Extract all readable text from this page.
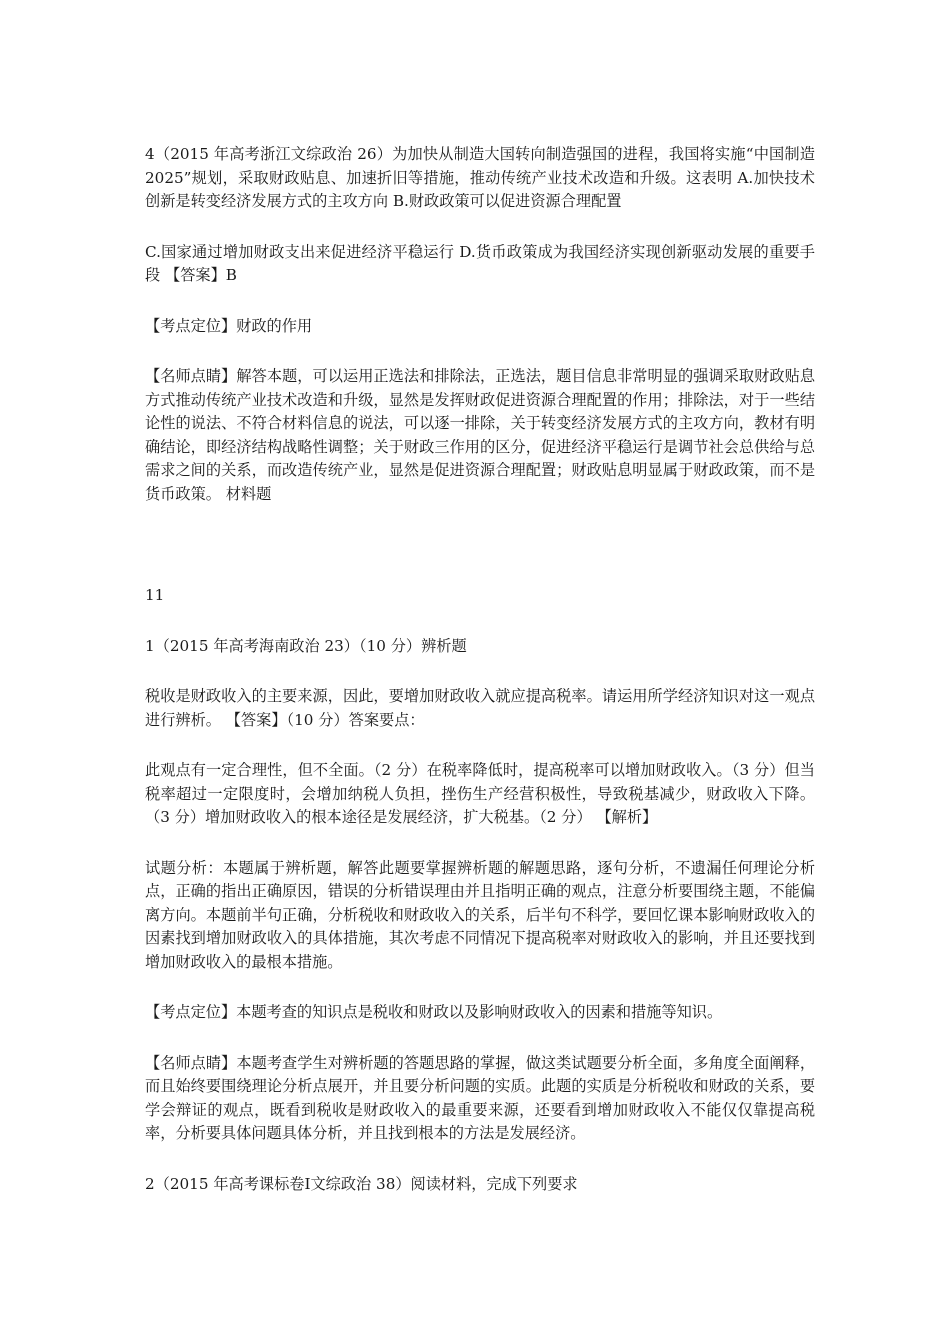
4（2015 年高考浙江文综政治 26）为加快从制造大国转向制造强国的进程，我国将实施“中国制造 2025”规划，采取财政贴息、加速折旧等措施，推动传统产业技术改造和升级。这表明 A.加快技术创新是转变经济发展方式的主攻方向 B.财政政策可以促进资源合理配置

C.国家通过增加财政支出来促进经济平稳运行 D.货币政策成为我国经济实现创新驱动发展的重要手段 【答案】B

【考点定位】财政的作用

【名师点睛】解答本题，可以运用正选法和排除法，正选法，题目信息非常明显的强调采取财政贴息方式推动传统产业技术改造和升级，显然是发挥财政促进资源合理配置的作用；排除法，对于一些结论性的说法、不符合材料信息的说法，可以逐一排除，关于转变经济发展方式的主攻方向，教材有明确结论，即经济结构战略性调整；关于财政三作用的区分，促进经济平稳运行是调节社会总供给与总需求之间的关系，而改造传统产业，显然是促进资源合理配置；财政贴息明显属于财政政策，而不是货币政策。 材料题

11

1（2015 年高考海南政治 23）（10 分）辨析题

税收是财政收入的主要来源，因此，要增加财政收入就应提高税率。请运用所学经济知识对这一观点进行辨析。 【答案】（10 分）答案要点：

此观点有一定合理性，但不全面。（2 分）在税率降低时，提高税率可以增加财政收入。（3 分）但当税率超过一定限度时，会增加纳税人负担，挫伤生产经营积极性，导致税基减少，财政收入下降。（3 分）增加财政收入的根本途径是发展经济，扩大税基。（2 分） 【解析】

试题分析：本题属于辨析题，解答此题要掌握辨析题的解题思路，逐句分析，不遗漏任何理论分析点，正确的指出正确原因，错误的分析错误理由并且指明正确的观点，注意分析要围绕主题，不能偏离方向。本题前半句正确，分析税收和财政收入的关系，后半句不科学，要回忆课本影响财政收入的因素找到增加财政收入的具体措施，其次考虑不同情况下提高税率对财政收入的影响，并且还要找到增加财政收入的最根本措施。

【考点定位】本题考查的知识点是税收和财政以及影响财政收入的因素和措施等知识。

【名师点睛】本题考查学生对辨析题的答题思路的掌握，做这类试题要分析全面，多角度全面阐释，而且始终要围绕理论分析点展开，并且要分析问题的实质。此题的实质是分析税收和财政的关系，要学会辩证的观点，既看到税收是财政收入的最重要来源，还要看到增加财政收入不能仅仅靠提高税率，分析要具体问题具体分析，并且找到根本的方法是发展经济。

2（2015 年高考课标卷Ⅰ文综政治 38）阅读材料，完成下列要求
